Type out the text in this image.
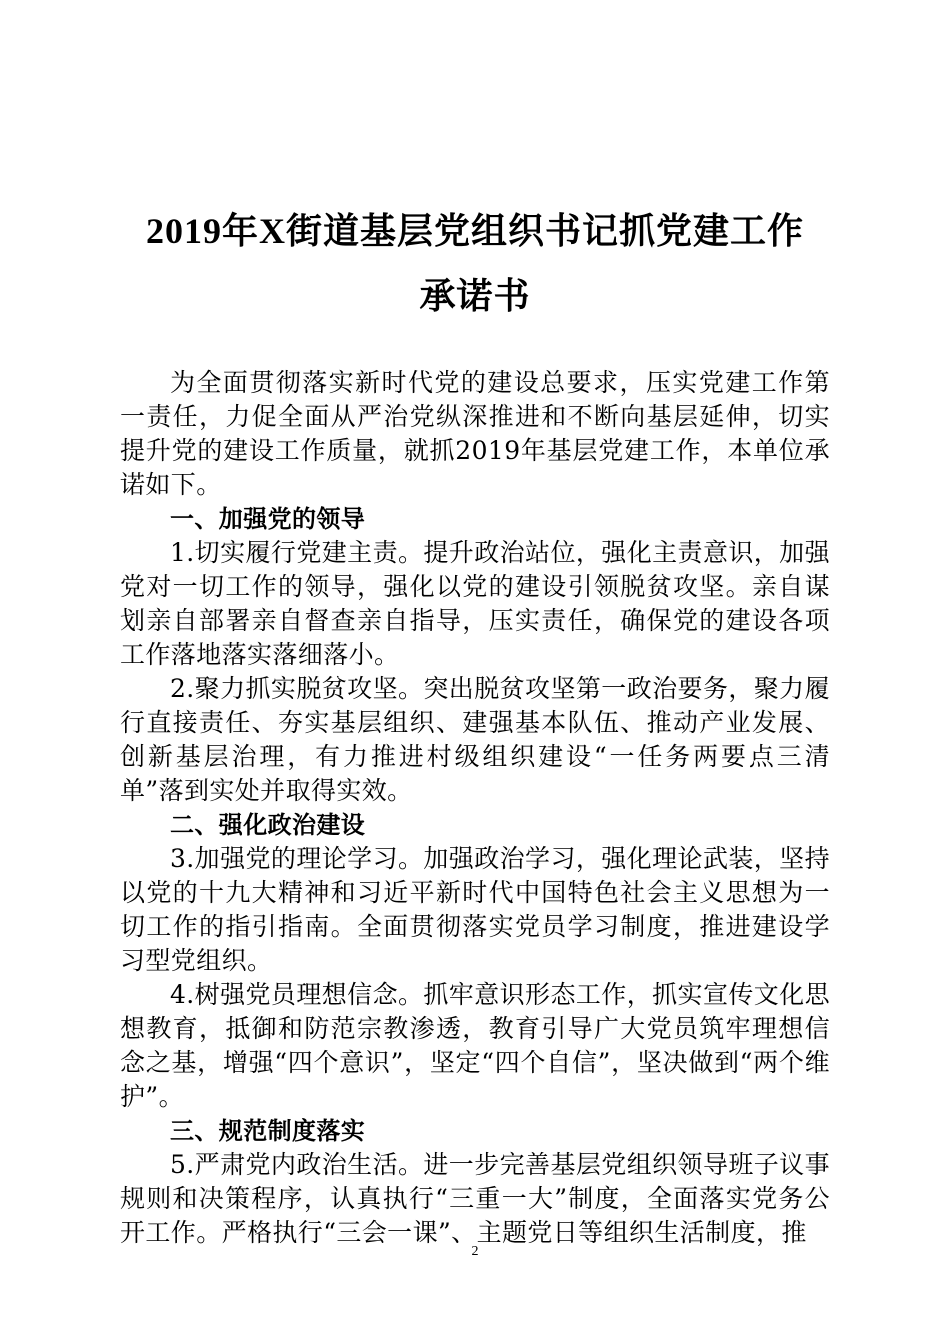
2019年X街道基层党组织书记抓党建工作
承诺书

为全面贯彻落实新时代党的建设总要求，压实党建工作第一责任，力促全面从严治党纵深推进和不断向基层延伸，切实提升党的建设工作质量，就抓2019年基层党建工作，本单位承诺如下。

一、加强党的领导

1.切实履行党建主责。提升政治站位，强化主责意识，加强党对一切工作的领导，强化以党的建设引领脱贫攻坚。亲自谋划亲自部署亲自督查亲自指导，压实责任，确保党的建设各项工作落地落实落细落小。

2.聚力抓实脱贫攻坚。突出脱贫攻坚第一政治要务，聚力履行直接责任、夯实基层组织、建强基本队伍、推动产业发展、创新基层治理，有力推进村级组织建设“一任务两要点三清单”落到实处并取得实效。

二、强化政治建设

3.加强党的理论学习。加强政治学习，强化理论武装，坚持以党的十九大精神和习近平新时代中国特色社会主义思想为一切工作的指引指南。全面贯彻落实党员学习制度，推进建设学习型党组织。

4.树强党员理想信念。抓牢意识形态工作，抓实宣传文化思想教育，抵御和防范宗教渗透，教育引导广大党员筑牢理想信念之基，增强“四个意识”，坚定“四个自信”，坚决做到“两个维护”。

三、规范制度落实

5.严肃党内政治生活。进一步完善基层党组织领导班子议事规则和决策程序，认真执行“三重一大”制度，全面落实党务公开工作。严格执行“三会一课”、主题党日等组织生活制度，推

2
